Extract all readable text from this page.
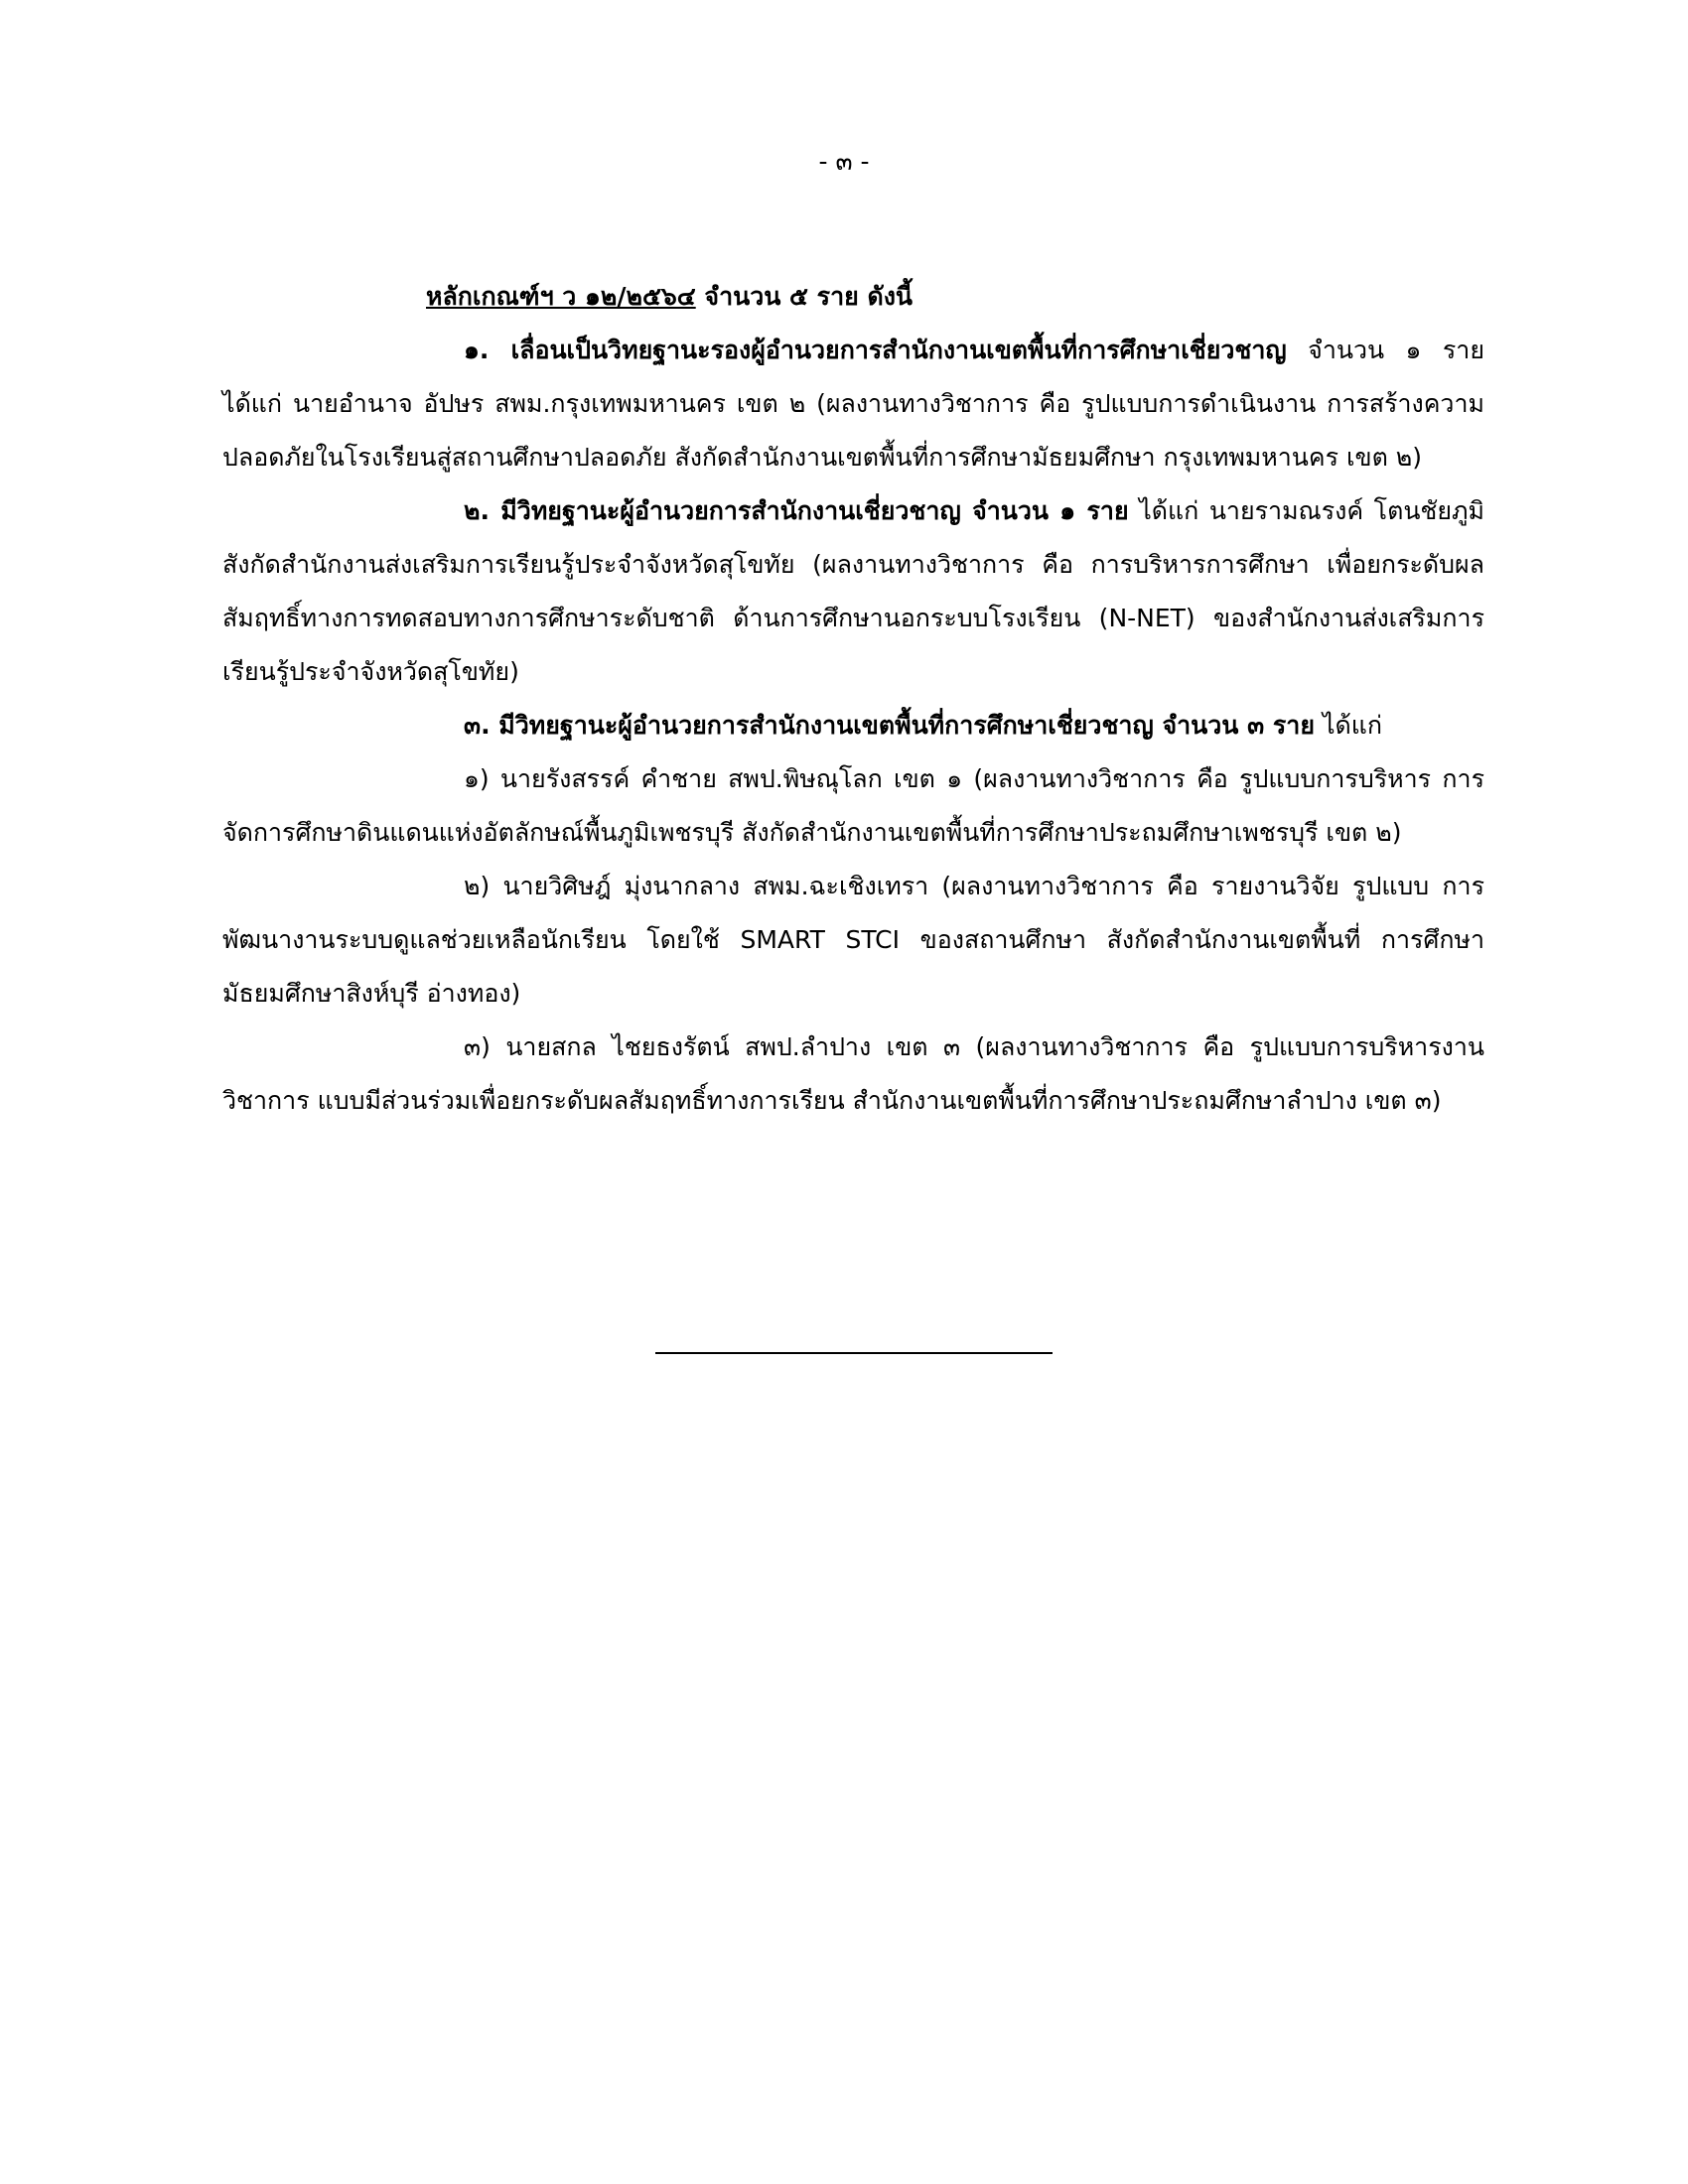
- ๓ -

หลักเกณฑ์ฯ ว ๑๒/๒๕๖๔ จำนวน ๕ ราย ดังนี้

๑. เลื่อนเป็นวิทยฐานะรองผู้อำนวยการสำนักงานเขตพื้นที่การศึกษาเชี่ยวชาญ จำนวน ๑ ราย ได้แก่ นายอำนาจ อัปษร สพม.กรุงเทพมหานคร เขต ๒ (ผลงานทางวิชาการ คือ รูปแบบการดำเนินงาน การสร้างความปลอดภัยในโรงเรียนสู่สถานศึกษาปลอดภัย สังกัดสำนักงานเขตพื้นที่การศึกษามัธยมศึกษา กรุงเทพมหานคร เขต ๒)

๒. มีวิทยฐานะผู้อำนวยการสำนักงานเชี่ยวชาญ จำนวน ๑ ราย ได้แก่ นายรามณรงค์ โตนชัยภูมิ สังกัดสำนักงานส่งเสริมการเรียนรู้ประจำจังหวัดสุโขทัย (ผลงานทางวิชาการ คือ การบริหารการศึกษา เพื่อยกระดับผลสัมฤทธิ์ทางการทดสอบทางการศึกษาระดับชาติ ด้านการศึกษานอกระบบโรงเรียน (N-NET) ของสำนักงานส่งเสริมการเรียนรู้ประจำจังหวัดสุโขทัย)

๓. มีวิทยฐานะผู้อำนวยการสำนักงานเขตพื้นที่การศึกษาเชี่ยวชาญ จำนวน ๓ ราย ได้แก่

๑) นายรังสรรค์ คำชาย สพป.พิษณุโลก เขต ๑ (ผลงานทางวิชาการ คือ รูปแบบการบริหาร การจัดการศึกษาดินแดนแห่งอัตลักษณ์พื้นภูมิเพชรบุรี สังกัดสำนักงานเขตพื้นที่การศึกษาประถมศึกษาเพชรบุรี เขต ๒)

๒) นายวิศิษฎ์ มุ่งนากลาง สพม.ฉะเชิงเทรา (ผลงานทางวิชาการ คือ รายงานวิจัย รูปแบบ การพัฒนางานระบบดูแลช่วยเหลือนักเรียน โดยใช้ SMART STCI ของสถานศึกษา สังกัดสำนักงานเขตพื้นที่ การศึกษามัธยมศึกษาสิงห์บุรี อ่างทอง)

๓) นายสกล ไชยธงรัตน์ สพป.ลำปาง เขต ๓ (ผลงานทางวิชาการ คือ รูปแบบการบริหารงานวิชาการ แบบมีส่วนร่วมเพื่อยกระดับผลสัมฤทธิ์ทางการเรียน สำนักงานเขตพื้นที่การศึกษาประถมศึกษาลำปาง เขต ๓)
